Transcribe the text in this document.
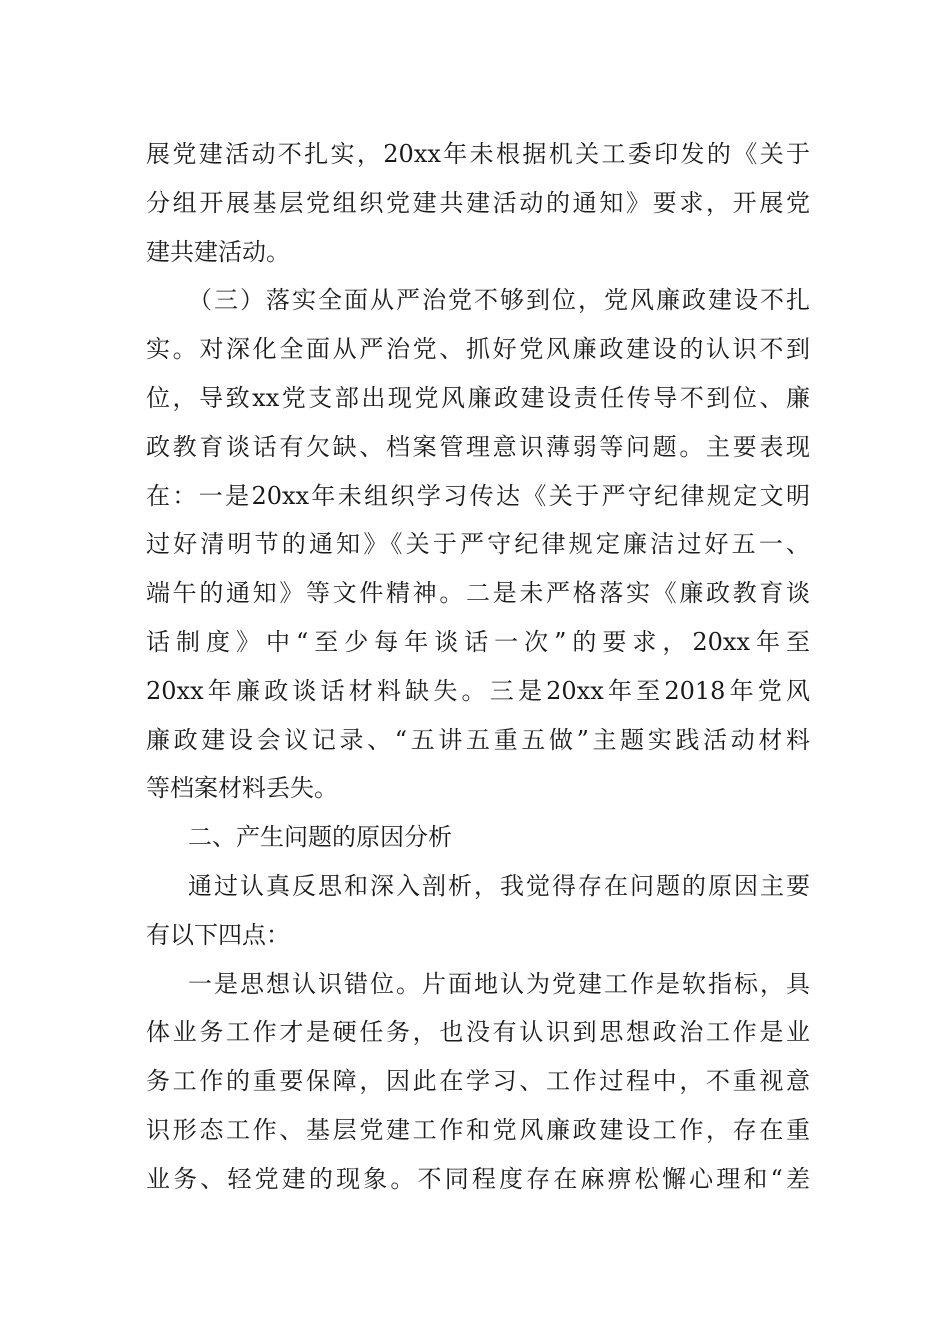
展党建活动不扎实，20xx年未根据机关工委印发的《关于
分组开展基层党组织党建共建活动的通知》要求，开展党
建共建活动。
（三）落实全面从严治党不够到位，党风廉政建设不扎
实。对深化全面从严治党、抓好党风廉政建设的认识不到
位，导致xx党支部出现党风廉政建设责任传导不到位、廉
政教育谈话有欠缺、档案管理意识薄弱等问题。主要表现
在：一是20xx年未组织学习传达《关于严守纪律规定文明
过好清明节的通知》《关于严守纪律规定廉洁过好五一、
端午的通知》等文件精神。二是未严格落实《廉政教育谈
话制度》中“至少每年谈话一次”的要求，20xx年至
20xx年廉政谈话材料缺失。三是20xx年至2018年党风
廉政建设会议记录、“五讲五重五做”主题实践活动材料
等档案材料丢失。
二、产生问题的原因分析
通过认真反思和深入剖析，我觉得存在问题的原因主要
有以下四点：
一是思想认识错位。片面地认为党建工作是软指标，具
体业务工作才是硬任务，也没有认识到思想政治工作是业
务工作的重要保障，因此在学习、工作过程中，不重视意
识形态工作、基层党建工作和党风廉政建设工作，存在重
业务、轻党建的现象。不同程度存在麻痹松懈心理和“差
